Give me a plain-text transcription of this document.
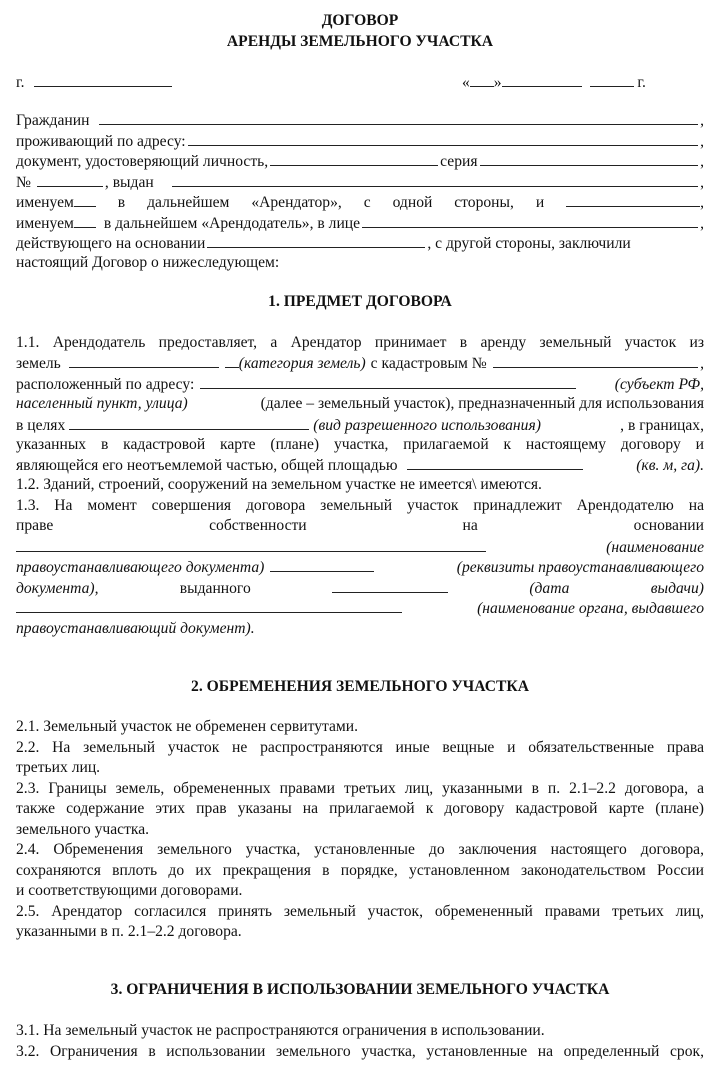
ДОГОВОР
АРЕНДЫ ЗЕМЕЛЬНОГО УЧАСТКА
г.	« »	г.
Гражданин	,
проживающий по адресу:	,
документ, удостоверяющий личность,	серия	,
№	, выдан	,
именуем	в дальнейшем «Арендатор», с одной стороны, и	,
именуем в дальнейшем «Арендодатель», в лице	,
действующего на основании	, с другой стороны, заключили
настоящий Договор о нижеследующем:
1. ПРЕДМЕТ ДОГОВОРА
1.1. Арендодатель предоставляет, а Арендатор принимает в аренду земельный участок из
земель	(категория земель) с кадастровым №	,
расположенный по адресу:	(субъект РФ,
населенный пункт, улица)	(далее – земельный участок), предназначенный для использования
в целях	(вид разрешенного использования)	, в границах,
указанных в кадастровой карте (плане) участка, прилагаемой к настоящему договору и
являющейся его неотъемлемой частью, общей площадью	(кв. м, га).
1.2. Зданий, строений, сооружений на земельном участке не имеется\ имеются.
1.3. На момент совершения договора земельный участок принадлежит Арендодателю на
праве	собственности	на	основании
(наименование
правоустанавливающего документа)	(реквизиты правоустанавливающего
документа),	выданного	(дата	выдачи)
(наименование органа, выдавшего
правоустанавливающий документ).
2. ОБРЕМЕНЕНИЯ ЗЕМЕЛЬНОГО УЧАСТКА
2.1. Земельный участок не обременен сервитутами.
2.2. На земельный участок не распространяются иные вещные и обязательственные права
третьих лиц.
2.3. Границы земель, обремененных правами третьих лиц, указанными в п. 2.1–2.2 договора, а
также содержание этих прав указаны на прилагаемой к договору кадастровой карте (плане)
земельного участка.
2.4. Обременения земельного участка, установленные до заключения настоящего договора,
сохраняются вплоть до их прекращения в порядке, установленном законодательством России
и соответствующими договорами.
2.5. Арендатор согласился принять земельный участок, обремененный правами третьих лиц,
указанными в п. 2.1–2.2 договора.
3. ОГРАНИЧЕНИЯ В ИСПОЛЬЗОВАНИИ ЗЕМЕЛЬНОГО УЧАСТКА
3.1. На земельный участок не распространяются ограничения в использовании.
3.2. Ограничения в использовании земельного участка, установленные на определенный срок,
